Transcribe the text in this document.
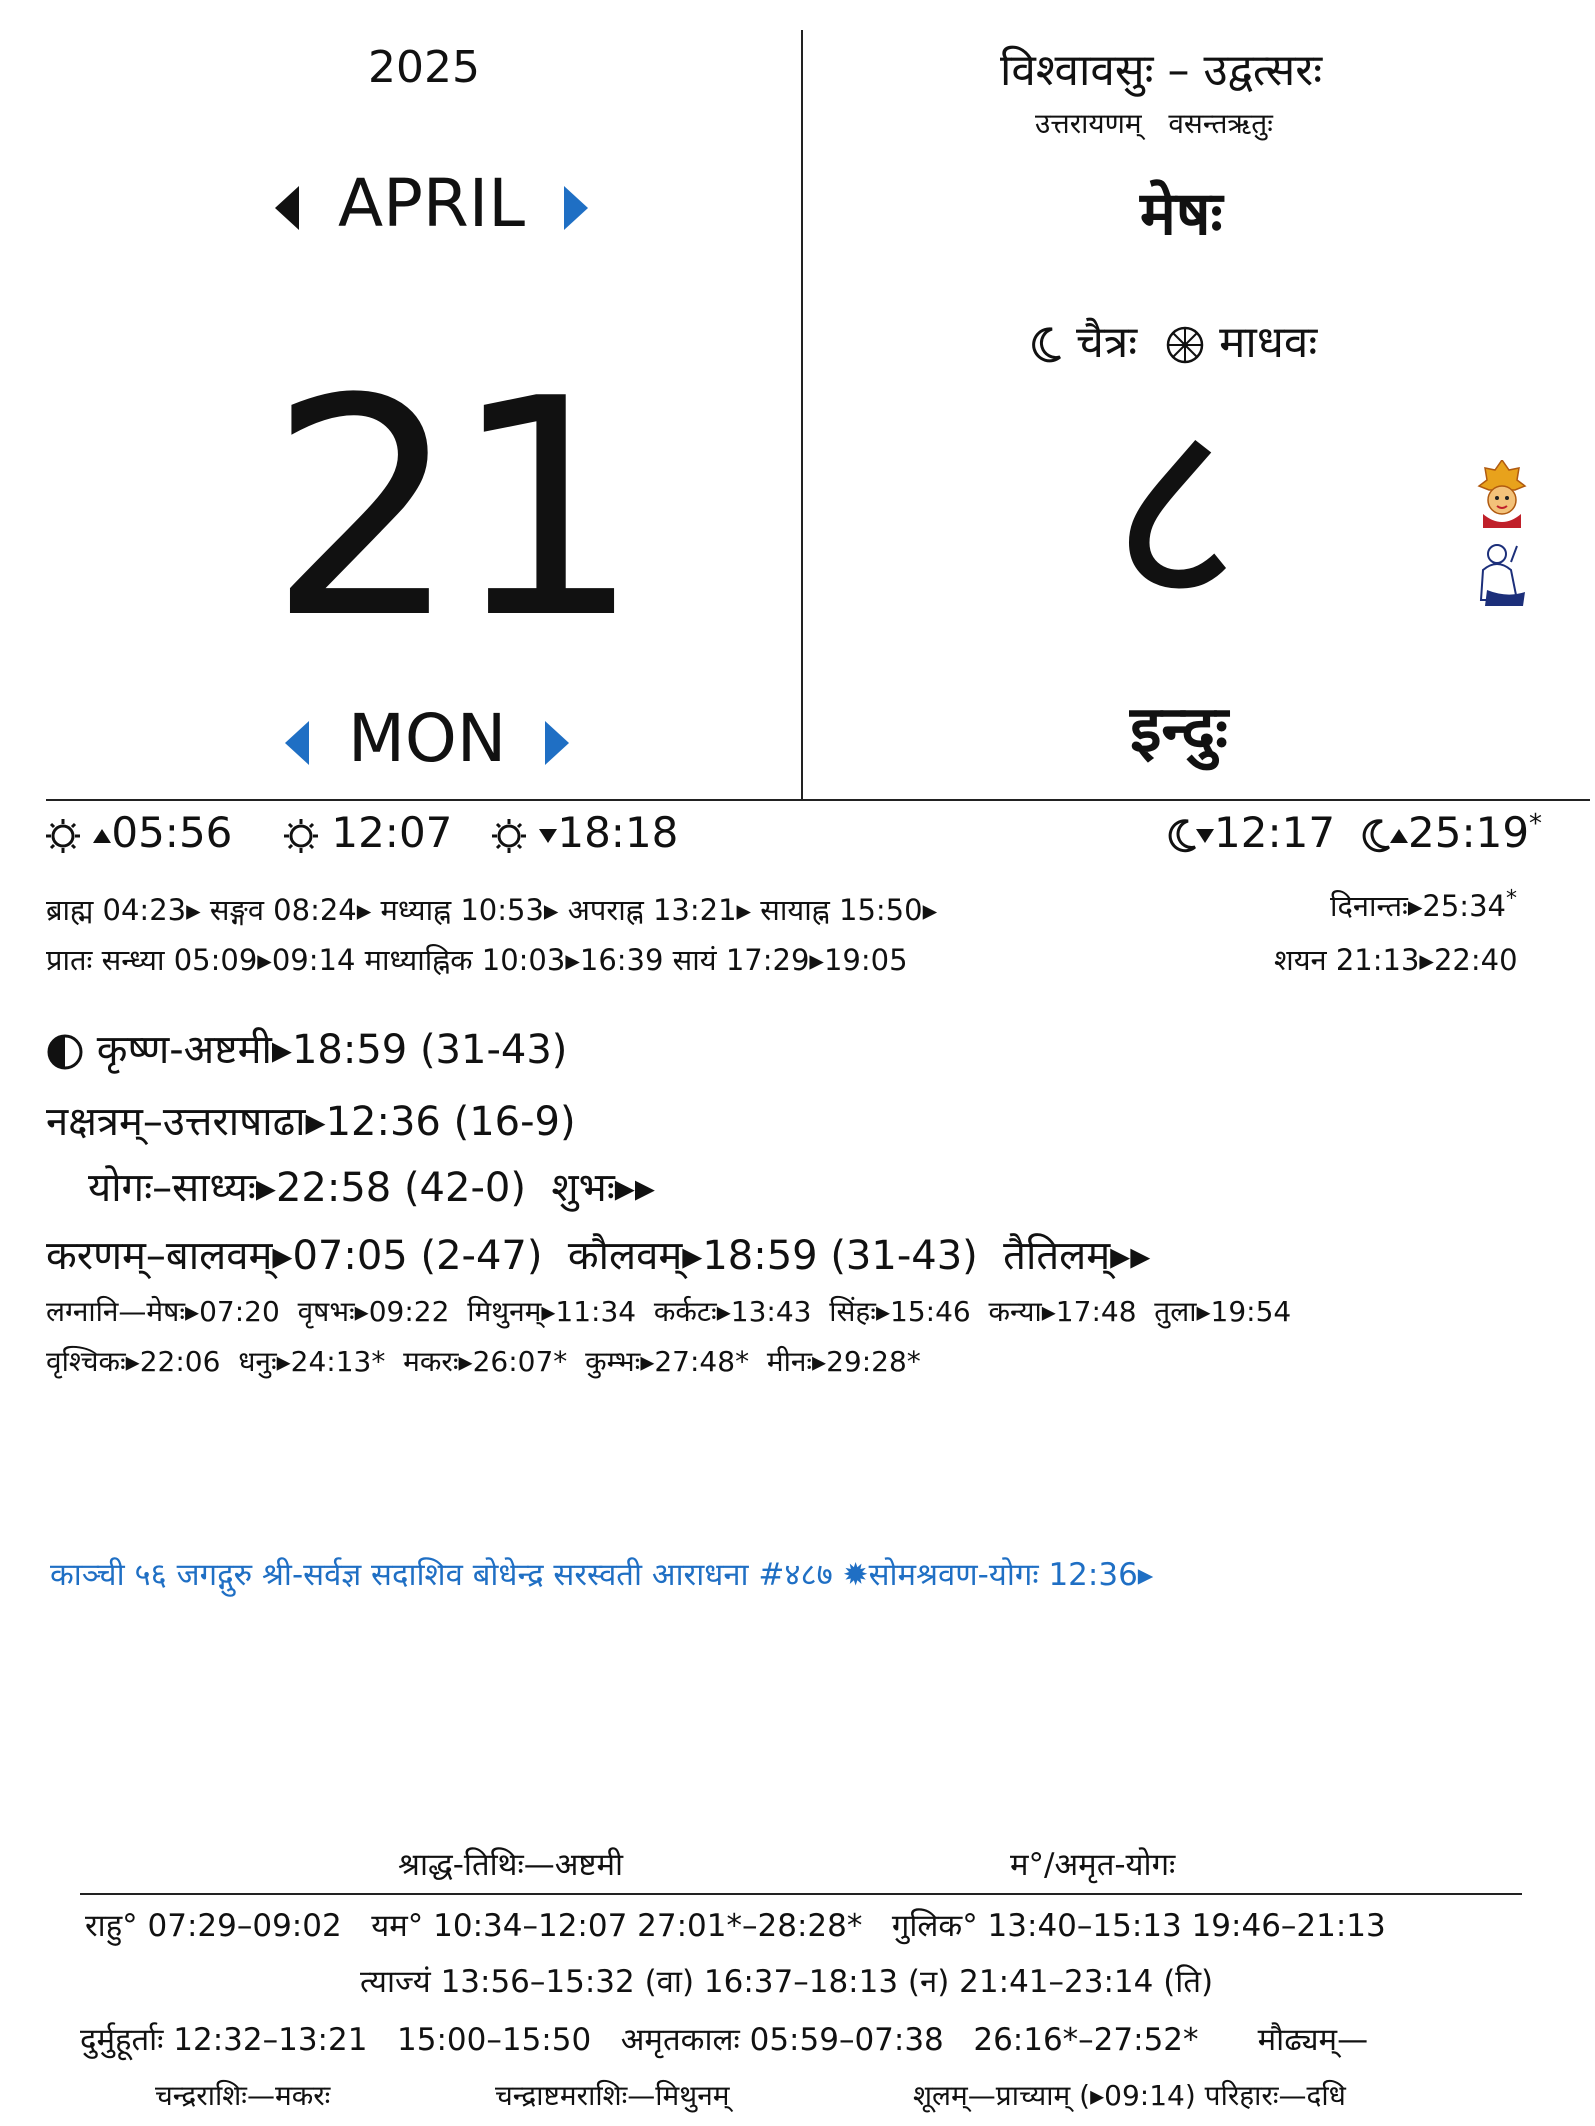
2025
APRIL
21
MON
विश्वावसुः – उद्वत्सरः
उत्तरायणम्   वसन्तऋतुः
मेषः
चैत्रः माधवः
८
इन्दुः
05:56	12:07	18:18	12:17	25:19*
ब्राह्म 04:23▸ सङ्गव 08:24▸ मध्याह्न 10:53▸ अपराह्न 13:21▸ सायाह्न 15:50▸	दिनान्तः▸25:34*
प्रातः सन्ध्या 05:09▸09:14 माध्याह्निक 10:03▸16:39 सायं 17:29▸19:05	शयन 21:13▸22:40
कृष्ण-अष्टमी▸18:59 (31-43)
नक्षत्रम्–उत्तराषाढा▸12:36 (16-9)
योगः–साध्यः▸22:58 (42-0)  शुभः▸▸
करणम्–बालवम्▸07:05 (2-47)  कौलवम्▸18:59 (31-43)  तैतिलम्▸▸
लग्नानि—मेषः▸07:20  वृषभः▸09:22  मिथुनम्▸11:34  कर्कटः▸13:43  सिंहः▸15:46  कन्या▸17:48  तुला▸19:54
वृश्चिकः▸22:06  धनुः▸24:13*  मकरः▸26:07*  कुम्भः▸27:48*  मीनः▸29:28*
काञ्ची ५६ जगद्गुरु श्री-सर्वज्ञ सदाशिव बोधेन्द्र सरस्वती आराधना #४८७ ✹सोमश्रवण-योगः 12:36▸
श्राद्ध-तिथिः—अष्टमी	म°/अमृत-योगः
राहु° 07:29–09:02   यम° 10:34–12:07 27:01*–28:28*   गुलिक° 13:40–15:13 19:46–21:13
त्याज्यं 13:56–15:32 (वा) 16:37–18:13 (न) 21:41–23:14 (ति)
दुर्मुहूर्ताः 12:32–13:21   15:00–15:50   अमृतकालः 05:59–07:38   26:16*–27:52*      मौढ्यम्—
चन्द्रराशिः—मकरः	चन्द्राष्टमराशिः—मिथुनम्	शूलम्—प्राच्याम् (▸09:14) परिहारः—दधि
